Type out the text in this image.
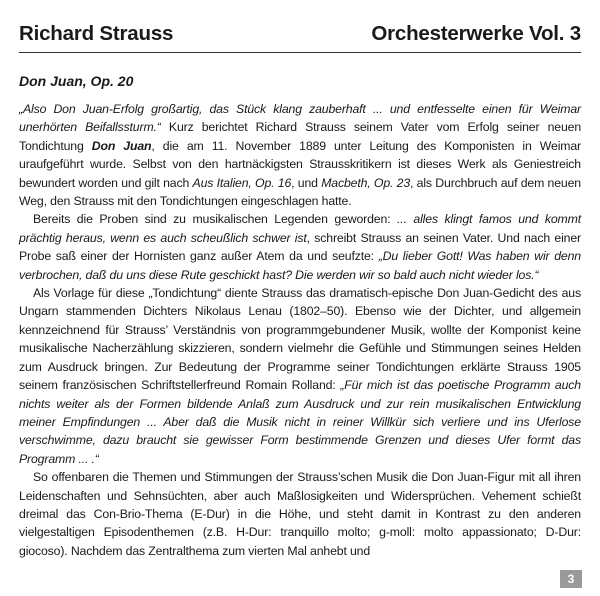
Richard Strauss	Orchesterwerke Vol. 3
Don Juan, Op. 20

„Also Don Juan-Erfolg großartig, das Stück klang zauberhaft ... und entfesselte einen für Weimar unerhörten Beifallssturm.“ Kurz berichtet Richard Strauss seinem Vater vom Erfolg seiner neuen Tondichtung Don Juan, die am 11. November 1889 unter Leitung des Komponisten in Weimar uraufgeführt wurde. Selbst von den hartnäckigsten Strausskritikern ist dieses Werk als Geniestreich bewundert worden und gilt nach Aus Italien, Op. 16, und Macbeth, Op. 23, als Durchbruch auf dem neuen Weg, den Strauss mit den Tondichtungen eingeschlagen hatte.

Bereits die Proben sind zu musikalischen Legenden geworden: ... alles klingt famos und kommt prächtig heraus, wenn es auch scheußlich schwer ist, schreibt Strauss an seinen Vater. Und nach einer Probe saß einer der Hornisten ganz außer Atem da und seufzte: „Du lieber Gott! Was haben wir denn verbrochen, daß du uns diese Rute geschickt hast? Die werden wir so bald auch nicht wieder los.“

Als Vorlage für diese „Tondichtung“ diente Strauss das dramatisch-epische Don Juan-Gedicht des aus Ungarn stammenden Dichters Nikolaus Lenau (1802–50). Ebenso wie der Dichter, und allgemein kennzeichnend für Strauss’ Verständnis von programmgebundener Musik, wollte der Komponist keine musikalische Nacherzählung skizzieren, sondern vielmehr die Gefühle und Stimmungen seines Helden zum Ausdruck bringen. Zur Bedeutung der Programme seiner Tondichtungen erklärte Strauss 1905 seinem französischen Schriftstellerfreund Romain Rolland: „Für mich ist das poetische Programm auch nichts weiter als der Formen bildende Anlaß zum Ausdruck und zur rein musikalischen Entwicklung meiner Empfindungen ... Aber daß die Musik nicht in reiner Willkür sich verliere und ins Uferlose verschwimme, dazu braucht sie gewisser Form bestimmende Grenzen und dieses Ufer formt das Programm ... .“

So offenbaren die Themen und Stimmungen der Strauss’schen Musik die Don Juan-Figur mit all ihren Leidenschaften und Sehnsüchten, aber auch Maßlosigkeiten und Widersprüchen. Vehement schießt dreimal das Con-Brio-Thema (E-Dur) in die Höhe, und steht damit in Kontrast zu den anderen vielgestaltigen Episodenthemen (z.B. H-Dur: tranquillo molto; g-moll: molto appassionato; D-Dur: giocoso). Nachdem das Zentralthema zum vierten Mal anhebt und

3
